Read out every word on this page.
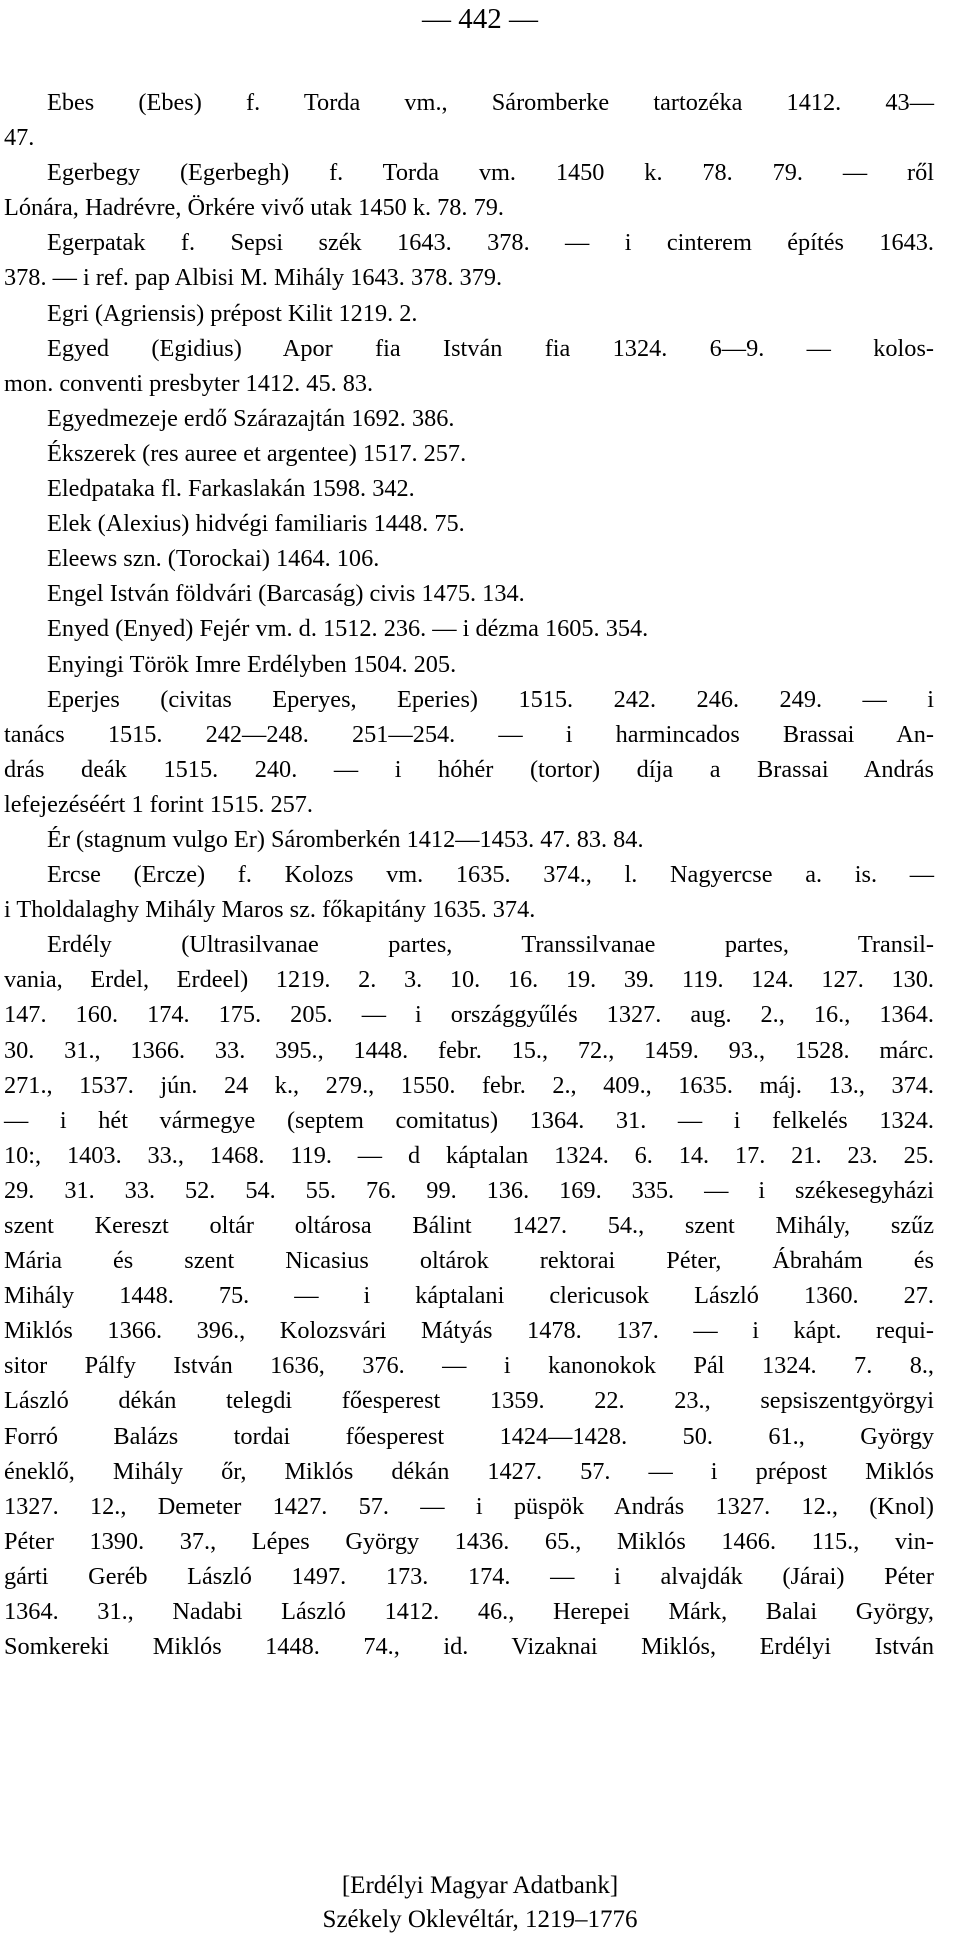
— 442 —
Ebes (Ebes) f. Torda vm., Sáromberke tartozéka 1412. 43—
47.
Egerbegy (Egerbegh) f. Torda vm. 1450 k. 78. 79. — ről
Lónára, Hadrévre, Örkére vivő utak 1450 k. 78. 79.
Egerpatak f. Sepsi szék 1643. 378. — i cinterem építés 1643.
378. — i ref. pap Albisi M. Mihály 1643. 378. 379.
Egri (Agriensis) prépost Kilit 1219. 2.
Egyed (Egidius) Apor fia István fia 1324. 6—9. — kolos-
mon. conventi presbyter 1412. 45. 83.
Egyedmezeje erdő Szárazajtán 1692. 386.
Ékszerek (res auree et argentee) 1517. 257.
Eledpataka fl. Farkaslakán 1598. 342.
Elek (Alexius) hidvégi familiaris 1448. 75.
Eleews szn. (Torockai) 1464. 106.
Engel István földvári (Barcaság) civis 1475. 134.
Enyed (Enyed) Fejér vm. d. 1512. 236. — i dézma 1605. 354.
Enyingi Török Imre Erdélyben 1504. 205.
Eperjes (civitas Eperyes, Eperies) 1515. 242. 246. 249. — i
tanács 1515. 242—248. 251—254. — i harmincados Brassai An-
drás deák 1515. 240. — i hóhér (tortor) díja a Brassai András
lefejezéséért 1 forint 1515. 257.
Ér (stagnum vulgo Er) Sáromberkén 1412—1453. 47. 83. 84.
Ercse (Ercze) f. Kolozs vm. 1635. 374., l. Nagyercse a. is. —
i Tholdalaghy Mihály Maros sz. főkapitány 1635. 374.
Erdély (Ultrasilvanae partes, Transsilvanae partes, Transil-
vania, Erdel, Erdeel) 1219. 2. 3. 10. 16. 19. 39. 119. 124. 127. 130.
147. 160. 174. 175. 205. — i országgyűlés 1327. aug. 2., 16., 1364.
30. 31., 1366. 33. 395., 1448. febr. 15., 72., 1459. 93., 1528. márc.
271., 1537. jún. 24 k., 279., 1550. febr. 2., 409., 1635. máj. 13., 374.
— i hét vármegye (septem comitatus) 1364. 31. — i felkelés 1324.
10:, 1403. 33., 1468. 119. — d káptalan 1324. 6. 14. 17. 21. 23. 25.
29. 31. 33. 52. 54. 55. 76. 99. 136. 169. 335. — i székesegyházi
szent Kereszt oltár oltárosa Bálint 1427. 54., szent Mihály, szűz
Mária és szent Nicasius oltárok rektorai Péter, Ábrahám és
Mihály 1448. 75. — i káptalani clericusok László 1360. 27.
Miklós 1366. 396., Kolozsvári Mátyás 1478. 137. — i kápt. requi-
sitor Pálfy István 1636, 376. — i kanonokok Pál 1324. 7. 8.,
László dékán telegdi főesperest 1359. 22. 23., sepsiszentgyörgyi
Forró Balázs tordai főesperest 1424—1428. 50. 61., György
éneklő, Mihály őr, Miklós dékán 1427. 57. — i prépost Miklós
1327. 12., Demeter 1427. 57. — i püspök András 1327. 12., (Knol)
Péter 1390. 37., Lépes György 1436. 65., Miklós 1466. 115., vin-
gárti Geréb László 1497. 173. 174. — i alvajdák (Járai) Péter
1364. 31., Nadabi László 1412. 46., Herepei Márk, Balai György,
Somkereki Miklós 1448. 74., id. Vizaknai Miklós, Erdélyi István
[Erdélyi Magyar Adatbank]
Székely Oklevéltár, 1219–1776
